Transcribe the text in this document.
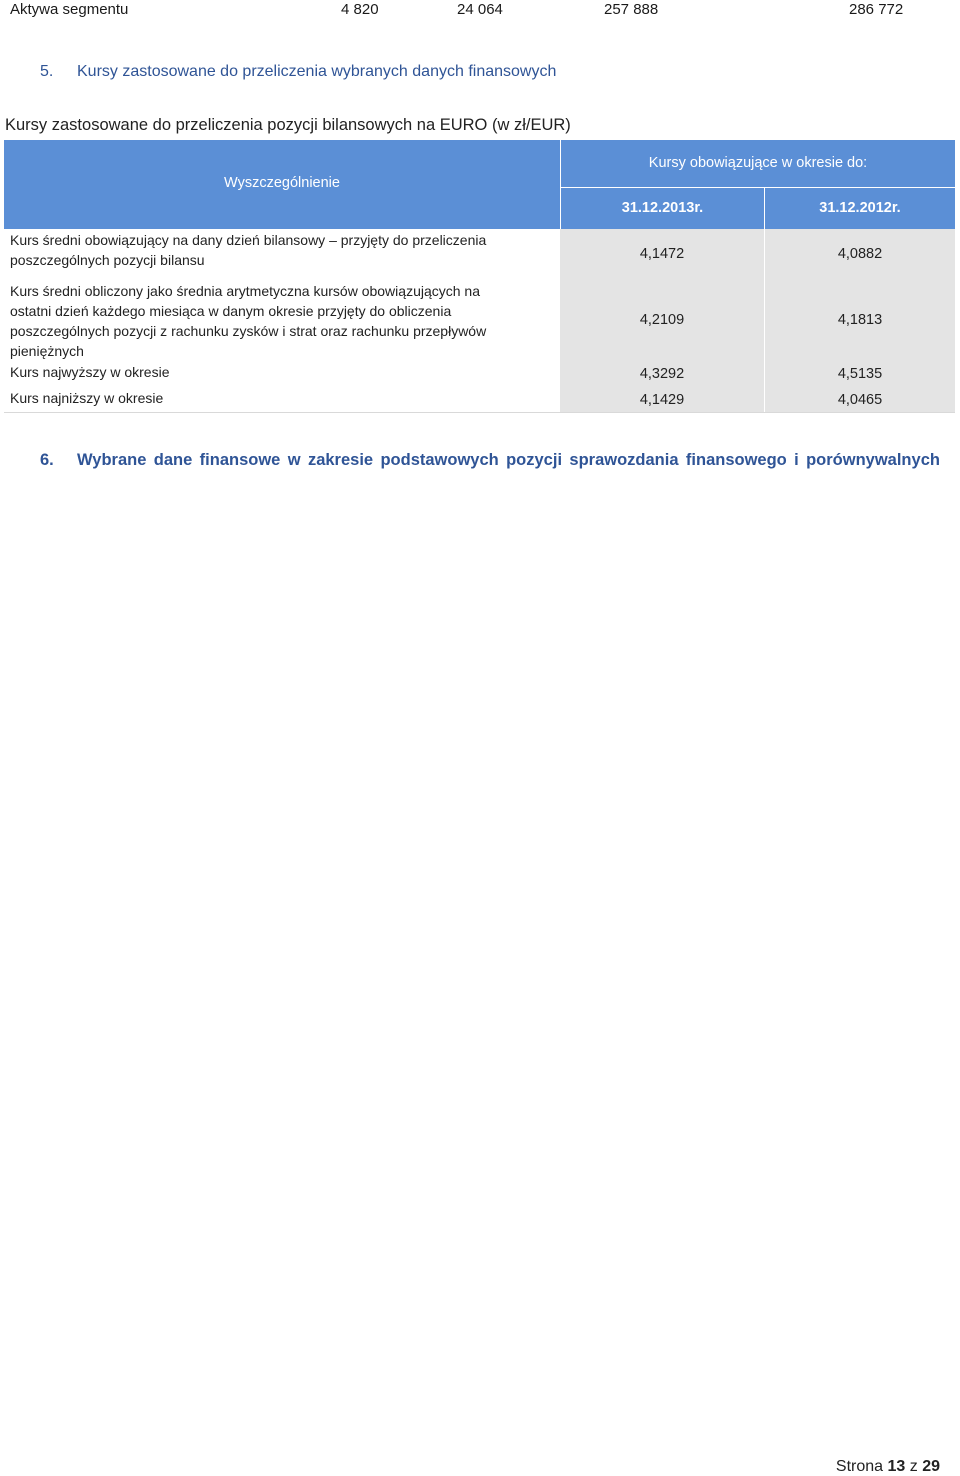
Aktywa segmentu	4 820	24 064	257 888	286 772
5. Kursy zastosowane do przeliczenia wybranych danych finansowych
Kursy zastosowane do przeliczenia pozycji bilansowych na EURO (w zł/EUR)
Wyszczególnienie
Kursy obowiązujące w okresie do:
31.12.2013r.	31.12.2012r.
Kurs średni obowiązujący na dany dzień bilansowy – przyjęty do przeliczenia
poszczególnych pozycji bilansu	4,1472	4,0882
Kurs średni obliczony jako średnia arytmetyczna kursów obowiązujących na
ostatni dzień każdego miesiąca w danym okresie przyjęty do obliczenia
poszczególnych pozycji z rachunku zysków i strat oraz rachunku przepływów
pieniężnych
4,2109	4,1813
Kurs najwyższy w okresie	4,3292	4,5135
Kurs najniższy w okresie	4,1429	4,0465
6. Wybrane dane finansowe w zakresie podstawowych pozycji sprawozdania finansowego i porównywalnych
Strona 13 z 29
